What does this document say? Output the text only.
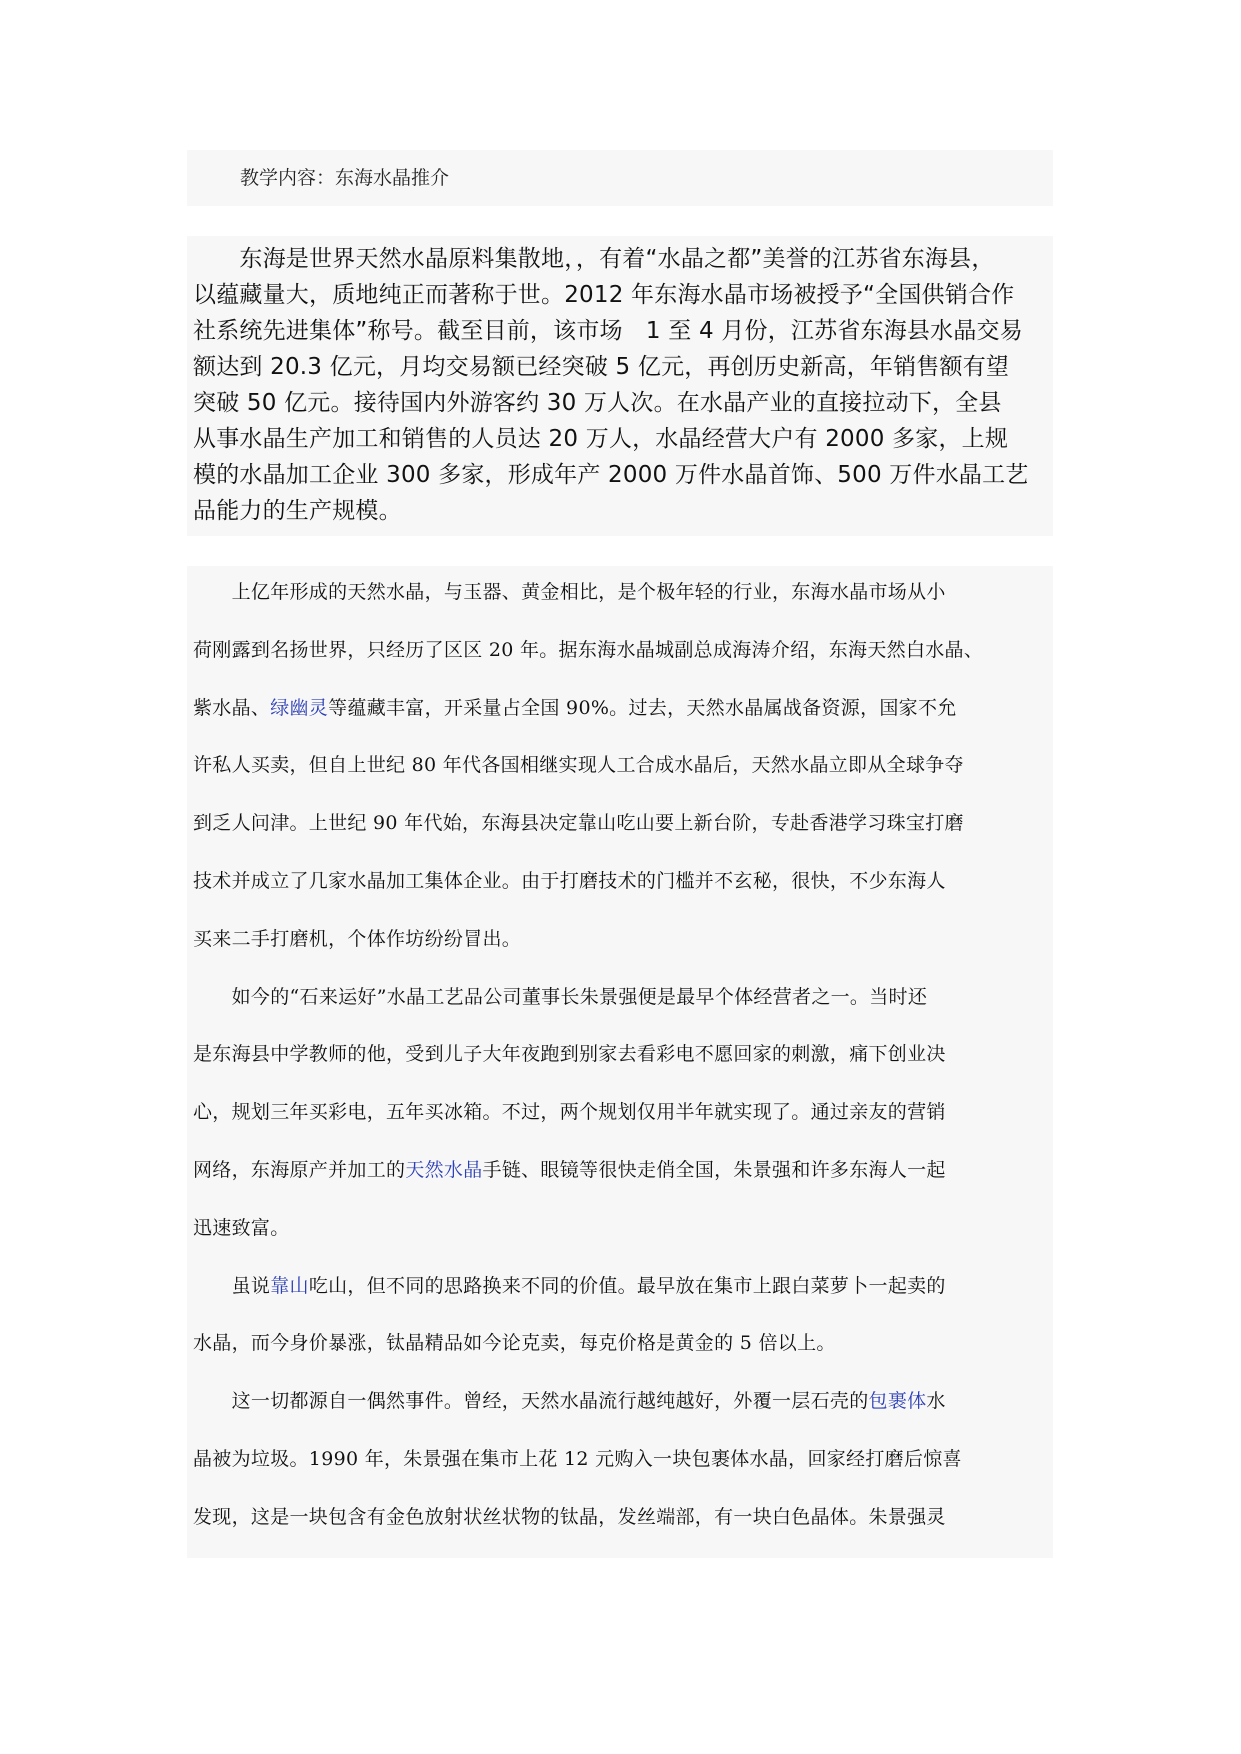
教学内容：东海水晶推介
　　东海是世界天然水晶原料集散地，，有着“水晶之都”美誉的江苏省东海县，
以蕴藏量大，质地纯正而著称于世。2012 年东海水晶市场被授予“全国供销合作
社系统先进集体”称号。截至目前，该市场　1 至 4 月份，江苏省东海县水晶交易
额达到 20.3 亿元，月均交易额已经突破 5 亿元，再创历史新高，年销售额有望
突破 50 亿元。接待国内外游客约 30 万人次。在水晶产业的直接拉动下，全县
从事水晶生产加工和销售的人员达 20 万人，水晶经营大户有 2000 多家，上规
模的水晶加工企业 300 多家，形成年产 2000 万件水晶首饰、500 万件水晶工艺
品能力的生产规模。
　　上亿年形成的天然水晶，与玉器、黄金相比，是个极年轻的行业，东海水晶市场从小
荷刚露到名扬世界，只经历了区区 20 年。据东海水晶城副总成海涛介绍，东海天然白水晶、
紫水晶、绿幽灵等蕴藏丰富，开采量占全国 90%。过去，天然水晶属战备资源，国家不允
许私人买卖，但自上世纪 80 年代各国相继实现人工合成水晶后，天然水晶立即从全球争夺
到乏人问津。上世纪 90 年代始，东海县决定靠山吃山要上新台阶，专赴香港学习珠宝打磨
技术并成立了几家水晶加工集体企业。由于打磨技术的门槛并不玄秘，很快，不少东海人
买来二手打磨机，个体作坊纷纷冒出。
　　如今的“石来运好”水晶工艺品公司董事长朱景强便是最早个体经营者之一。当时还
是东海县中学教师的他，受到儿子大年夜跑到别家去看彩电不愿回家的刺激，痛下创业决
心，规划三年买彩电，五年买冰箱。不过，两个规划仅用半年就实现了。通过亲友的营销
网络，东海原产并加工的天然水晶手链、眼镜等很快走俏全国，朱景强和许多东海人一起
迅速致富。
　　虽说靠山吃山，但不同的思路换来不同的价值。最早放在集市上跟白菜萝卜一起卖的
水晶，而今身价暴涨，钛晶精品如今论克卖，每克价格是黄金的 5 倍以上。
　　这一切都源自一偶然事件。曾经，天然水晶流行越纯越好，外覆一层石壳的包裹体水
晶被为垃圾。1990 年，朱景强在集市上花 12 元购入一块包裹体水晶，回家经打磨后惊喜
发现，这是一块包含有金色放射状丝状物的钛晶，发丝端部，有一块白色晶体。朱景强灵
